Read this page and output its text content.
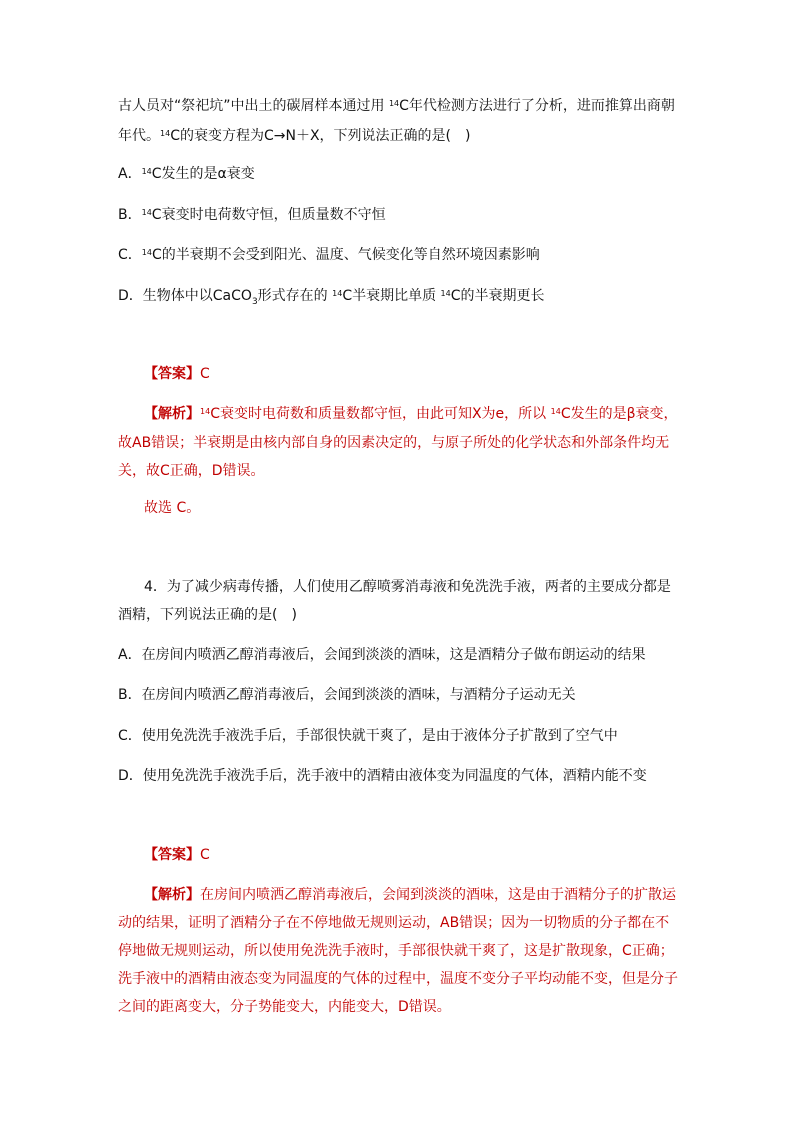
古人员对“祭祀坑”中出土的碳屑样本通过用 $^{14}$C年代检测方法进行了分析，进而推算出商朝
年代。$^{14}$C的衰变方程为C→N＋X，下列说法正确的是(　)
A．$^{14}$C发生的是α衰变
B．$^{14}$C衰变时电荷数守恒，但质量数不守恒
C．$^{14}$C的半衰期不会受到阳光、温度、气候变化等自然环境因素影响
D．生物体中以CaCO$_3$形式存在的 $^{14}$C半衰期比单质 $^{14}$C的半衰期更长
【答案】C
【解析】$^{14}$C衰变时电荷数和质量数都守恒，由此可知X为e，所以 $^{14}$C发生的是β衰变，
故AB错误；半衰期是由核内部自身的因素决定的，与原子所处的化学状态和外部条件均无
关，故C正确，D错误。
故选 C。
4．为了减少病毒传播，人们使用乙醇喷雾消毒液和免洗洗手液，两者的主要成分都是
酒精，下列说法正确的是(　)
A．在房间内喷洒乙醇消毒液后，会闻到淡淡的酒味，这是酒精分子做布朗运动的结果
B．在房间内喷洒乙醇消毒液后，会闻到淡淡的酒味，与酒精分子运动无关
C．使用免洗洗手液洗手后，手部很快就干爽了，是由于液体分子扩散到了空气中
D．使用免洗洗手液洗手后，洗手液中的酒精由液体变为同温度的气体，酒精内能不变
【答案】C
【解析】在房间内喷洒乙醇消毒液后，会闻到淡淡的酒味，这是由于酒精分子的扩散运
动的结果，证明了酒精分子在不停地做无规则运动，AB错误；因为一切物质的分子都在不
停地做无规则运动，所以使用免洗洗手液时，手部很快就干爽了，这是扩散现象，C正确；
洗手液中的酒精由液态变为同温度的气体的过程中，温度不变分子平均动能不变，但是分子
之间的距离变大，分子势能变大，内能变大，D错误。
